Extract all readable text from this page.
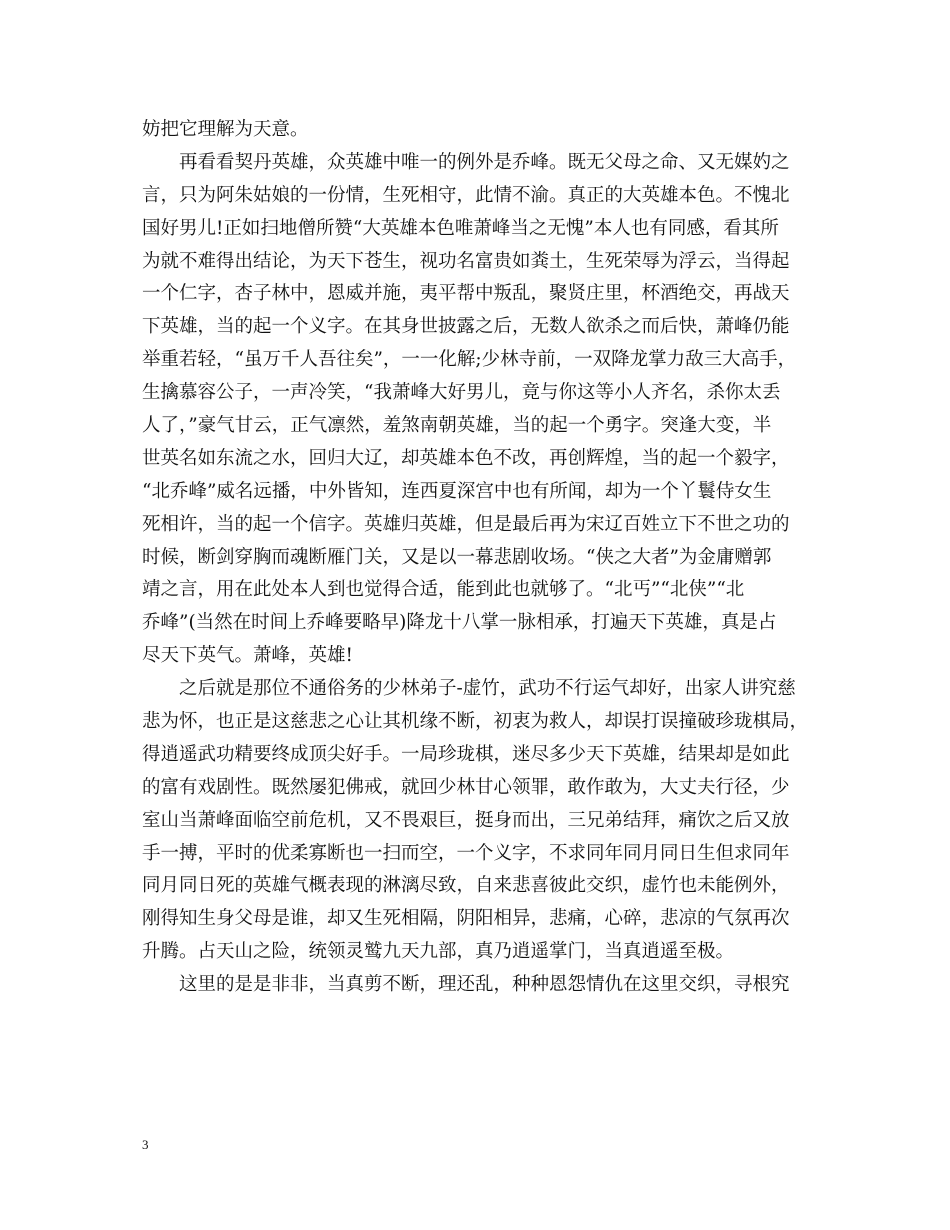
妨把它理解为天意。
再看看契丹英雄，众英雄中唯一的例外是乔峰。既无父母之命、又无媒妁之
言，只为阿朱姑娘的一份情，生死相守，此情不渝。真正的大英雄本色。不愧北
国好男儿!正如扫地僧所赞“大英雄本色唯萧峰当之无愧”本人也有同感，看其所
为就不难得出结论，为天下苍生，视功名富贵如粪土，生死荣辱为浮云，当得起
一个仁字，杏子林中，恩威并施，夷平帮中叛乱，聚贤庄里，杯酒绝交，再战天
下英雄，当的起一个义字。在其身世披露之后，无数人欲杀之而后快，萧峰仍能
举重若轻，“虽万千人吾往矣”，一一化解;少林寺前，一双降龙掌力敌三大高手，
生擒慕容公子，一声冷笑，“我萧峰大好男儿，竟与你这等小人齐名，杀你太丢
人了，”豪气甘云，正气凛然，羞煞南朝英雄，当的起一个勇字。突逢大变，半
世英名如东流之水，回归大辽，却英雄本色不改，再创辉煌，当的起一个毅字，
“北乔峰”威名远播，中外皆知，连西夏深宫中也有所闻，却为一个丫鬟侍女生
死相许，当的起一个信字。英雄归英雄，但是最后再为宋辽百姓立下不世之功的
时候，断剑穿胸而魂断雁门关，又是以一幕悲剧收场。“侠之大者”为金庸赠郭
靖之言，用在此处本人到也觉得合适，能到此也就够了。“北丐”“北侠”“北
乔峰”(当然在时间上乔峰要略早)降龙十八掌一脉相承，打遍天下英雄，真是占
尽天下英气。萧峰，英雄!
之后就是那位不通俗务的少林弟子-虚竹，武功不行运气却好，出家人讲究慈
悲为怀，也正是这慈悲之心让其机缘不断，初衷为救人，却误打误撞破珍珑棋局，
得逍遥武功精要终成顶尖好手。一局珍珑棋，迷尽多少天下英雄，结果却是如此
的富有戏剧性。既然屡犯佛戒，就回少林甘心领罪，敢作敢为，大丈夫行径，少
室山当萧峰面临空前危机，又不畏艰巨，挺身而出，三兄弟结拜，痛饮之后又放
手一搏，平时的优柔寡断也一扫而空，一个义字，不求同年同月同日生但求同年
同月同日死的英雄气概表现的淋漓尽致，自来悲喜彼此交织，虚竹也未能例外，
刚得知生身父母是谁，却又生死相隔，阴阳相异，悲痛，心碎，悲凉的气氛再次
升腾。占天山之险，统领灵鹫九天九部，真乃逍遥掌门，当真逍遥至极。
这里的是是非非，当真剪不断，理还乱，种种恩怨情仇在这里交织，寻根究
3
